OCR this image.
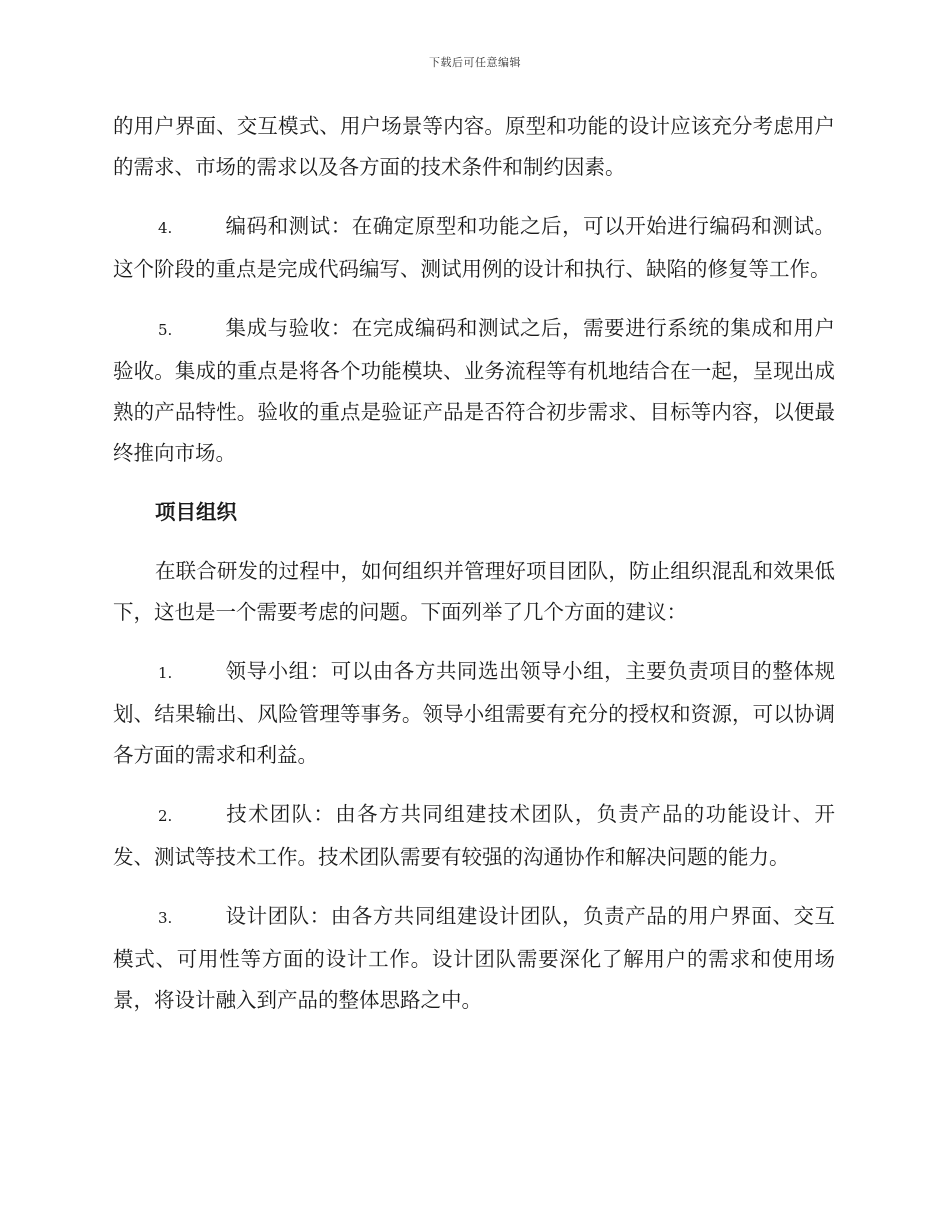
下载后可任意编辑

的用户界面、交互模式、用户场景等内容。原型和功能的设计应该充分考虑用户的需求、市场的需求以及各方面的技术条件和制约因素。

4.	编码和测试：在确定原型和功能之后，可以开始进行编码和测试。这个阶段的重点是完成代码编写、测试用例的设计和执行、缺陷的修复等工作。

5.	集成与验收：在完成编码和测试之后，需要进行系统的集成和用户验收。集成的重点是将各个功能模块、业务流程等有机地结合在一起，呈现出成熟的产品特性。验收的重点是验证产品是否符合初步需求、目标等内容，以便最终推向市场。

项目组织

在联合研发的过程中，如何组织并管理好项目团队，防止组织混乱和效果低下，这也是一个需要考虑的问题。下面列举了几个方面的建议：

1.	领导小组：可以由各方共同选出领导小组，主要负责项目的整体规划、结果输出、风险管理等事务。领导小组需要有充分的授权和资源，可以协调各方面的需求和利益。

2.	技术团队：由各方共同组建技术团队，负责产品的功能设计、开发、测试等技术工作。技术团队需要有较强的沟通协作和解决问题的能力。

3.	设计团队：由各方共同组建设计团队，负责产品的用户界面、交互模式、可用性等方面的设计工作。设计团队需要深化了解用户的需求和使用场景，将设计融入到产品的整体思路之中。
